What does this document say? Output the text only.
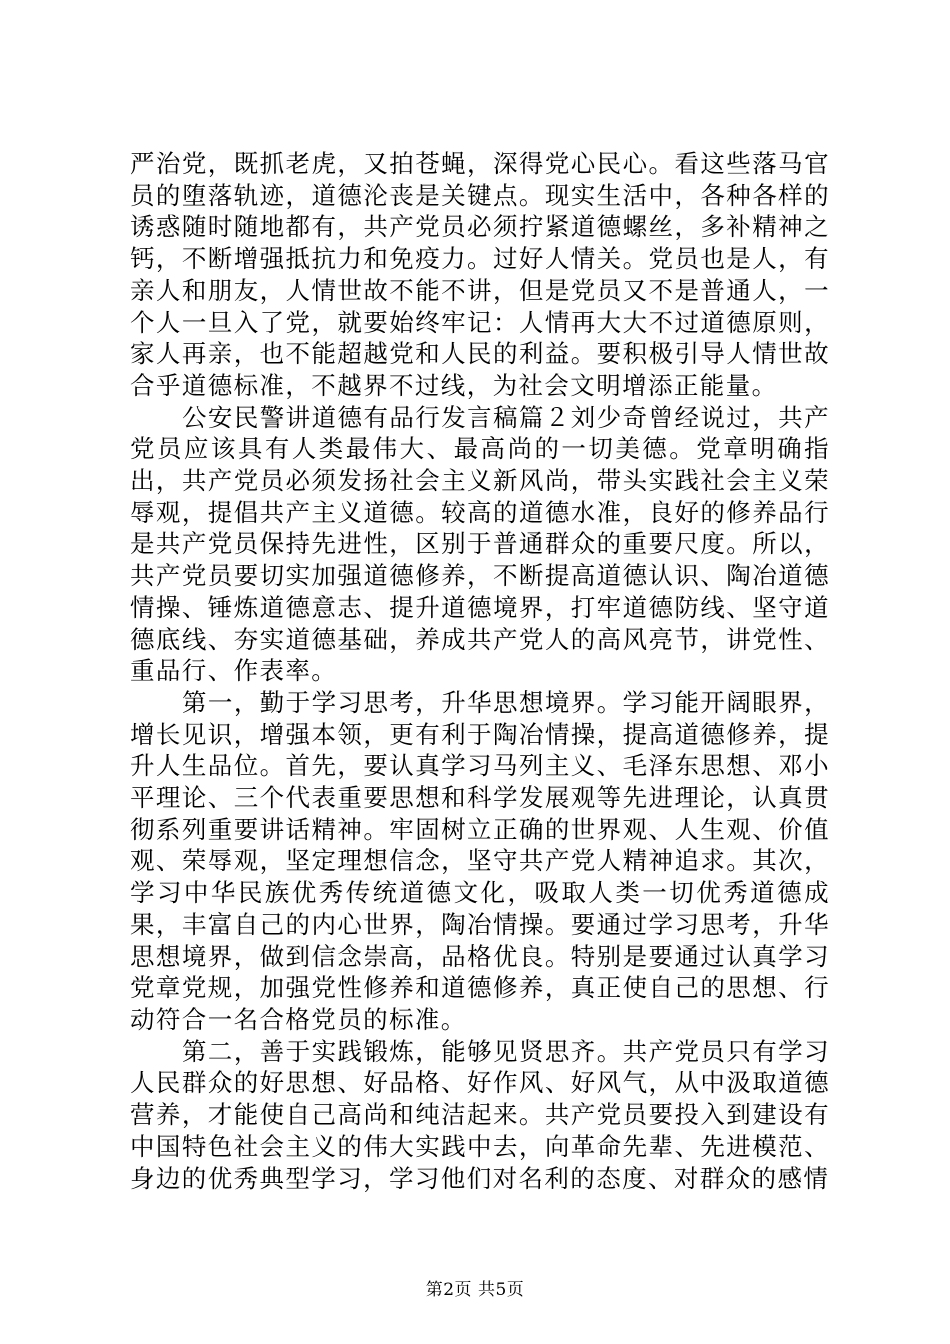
严治党，既抓老虎，又拍苍蝇，深得党心民心。看这些落马官员的堕落轨迹，道德沦丧是关键点。现实生活中，各种各样的诱惑随时随地都有，共产党员必须拧紧道德螺丝，多补精神之钙，不断增强抵抗力和免疫力。过好人情关。党员也是人，有亲人和朋友，人情世故不能不讲，但是党员又不是普通人，一个人一旦入了党，就要始终牢记：人情再大大不过道德原则，家人再亲，也不能超越党和人民的利益。要积极引导人情世故合乎道德标准，不越界不过线，为社会文明增添正能量。

公安民警讲道德有品行发言稿篇２刘少奇曾经说过，共产党员应该具有人类最伟大、最高尚的一切美德。党章明确指出，共产党员必须发扬社会主义新风尚，带头实践社会主义荣辱观，提倡共产主义道德。较高的道德水准，良好的修养品行是共产党员保持先进性，区别于普通群众的重要尺度。所以，共产党员要切实加强道德修养，不断提高道德认识、陶冶道德情操、锤炼道德意志、提升道德境界，打牢道德防线、坚守道德底线、夯实道德基础，养成共产党人的高风亮节，讲党性、重品行、作表率。

第一，勤于学习思考，升华思想境界。学习能开阔眼界，增长见识，增强本领，更有利于陶冶情操，提高道德修养，提升人生品位。首先，要认真学习马列主义、毛泽东思想、邓小平理论、三个代表重要思想和科学发展观等先进理论，认真贯彻系列重要讲话精神。牢固树立正确的世界观、人生观、价值观、荣辱观，坚定理想信念，坚守共产党人精神追求。其次，学习中华民族优秀传统道德文化，吸取人类一切优秀道德成果，丰富自己的内心世界，陶冶情操。要通过学习思考，升华思想境界，做到信念崇高，品格优良。特别是要通过认真学习党章党规，加强党性修养和道德修养，真正使自己的思想、行动符合一名合格党员的标准。

第二，善于实践锻炼，能够见贤思齐。共产党员只有学习人民群众的好思想、好品格、好作风、好风气，从中汲取道德营养，才能使自己高尚和纯洁起来。共产党员要投入到建设有中国特色社会主义的伟大实践中去，向革命先辈、先进模范、身边的优秀典型学习，学习他们对名利的态度、对群众的感情

第2页 共5页
